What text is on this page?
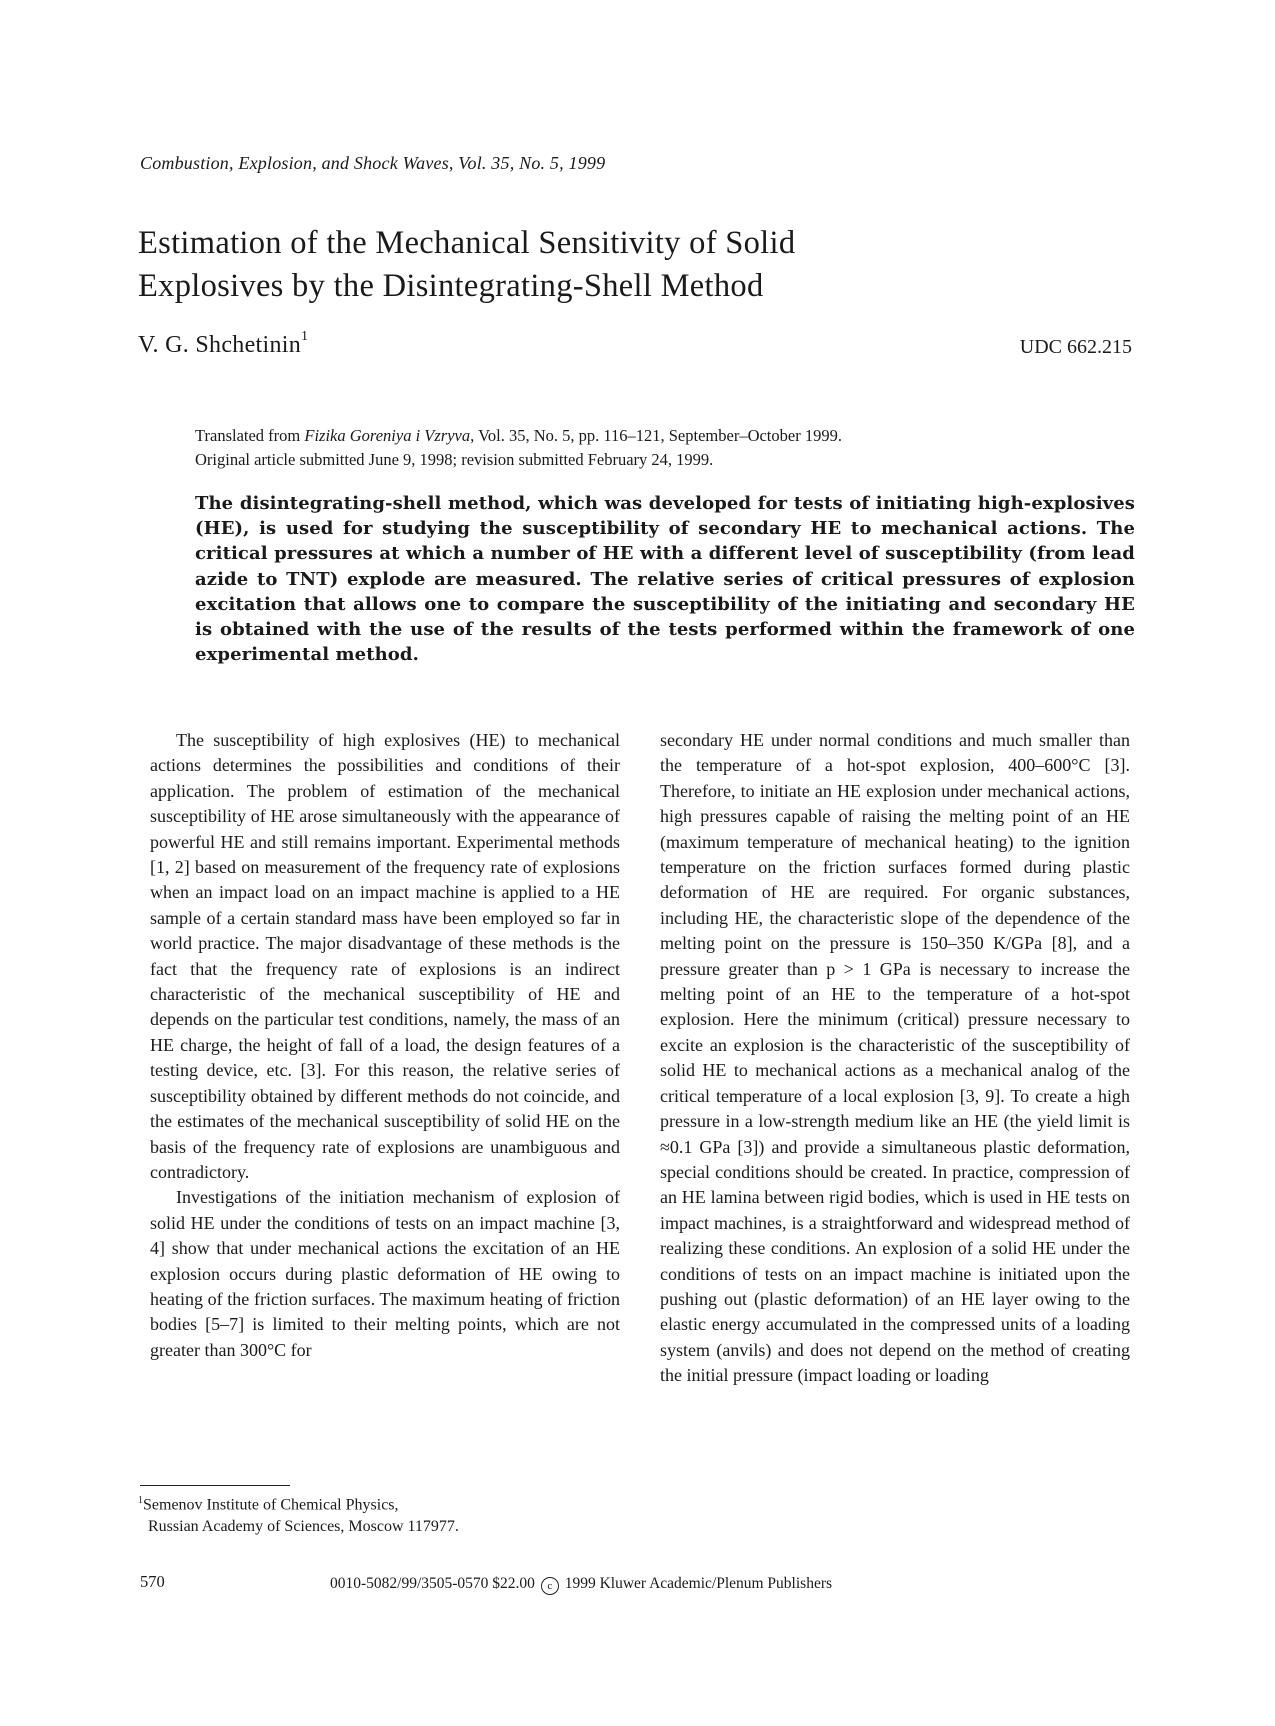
Combustion, Explosion, and Shock Waves, Vol. 35, No. 5, 1999
Estimation of the Mechanical Sensitivity of Solid
Explosives by the Disintegrating-Shell Method
V. G. Shchetinin$^1$	UDC 662.215
Translated from Fizika Goreniya i Vzryva, Vol. 35, No. 5, pp. 116–121, September–October 1999.
Original article submitted June 9, 1998; revision submitted February 24, 1999.
The disintegrating-shell method, which was developed for tests of initiating high-explosives (HE), is used for studying the susceptibility of secondary HE to mechanical actions. The critical pressures at which a number of HE with a different level of susceptibility (from lead azide to TNT) explode are measured. The relative series of critical pressures of explosion excitation that allows one to compare the susceptibility of the initiating and secondary HE is obtained with the use of the results of the tests performed within the framework of one experimental method.

The susceptibility of high explosives (HE) to mechanical actions determines the possibilities and conditions of their application. The problem of estimation of the mechanical susceptibility of HE arose simultaneously with the appearance of powerful HE and still remains important. Experimental methods [1, 2] based on measurement of the frequency rate of explosions when an impact load on an impact machine is applied to a HE sample of a certain standard mass have been employed so far in world practice. The major disadvantage of these methods is the fact that the frequency rate of explosions is an indirect characteristic of the mechanical susceptibility of HE and depends on the particular test conditions, namely, the mass of an HE charge, the height of fall of a load, the design features of a testing device, etc. [3]. For this reason, the relative series of susceptibility obtained by different methods do not coincide, and the estimates of the mechanical susceptibility of solid HE on the basis of the frequency rate of explosions are unambiguous and contradictory.

Investigations of the initiation mechanism of explosion of solid HE under the conditions of tests on an impact machine [3, 4] show that under mechanical actions the excitation of an HE explosion occurs during plastic deformation of HE owing to heating of the friction surfaces. The maximum heating of friction bodies [5–7] is limited to their melting points, which are not greater than 300°C for

secondary HE under normal conditions and much smaller than the temperature of a hot-spot explosion, 400–600°C [3]. Therefore, to initiate an HE explosion under mechanical actions, high pressures capable of raising the melting point of an HE (maximum temperature of mechanical heating) to the ignition temperature on the friction surfaces formed during plastic deformation of HE are required. For organic substances, including HE, the characteristic slope of the dependence of the melting point on the pressure is 150–350 K/GPa [8], and a pressure greater than p > 1 GPa is necessary to increase the melting point of an HE to the temperature of a hot-spot explosion. Here the minimum (critical) pressure necessary to excite an explosion is the characteristic of the susceptibility of solid HE to mechanical actions as a mechanical analog of the critical temperature of a local explosion [3, 9]. To create a high pressure in a low-strength medium like an HE (the yield limit is ≈0.1 GPa [3]) and provide a simultaneous plastic deformation, special conditions should be created. In practice, compression of an HE lamina between rigid bodies, which is used in HE tests on impact machines, is a straightforward and widespread method of realizing these conditions. An explosion of a solid HE under the conditions of tests on an impact machine is initiated upon the pushing out (plastic deformation) of an HE layer owing to the elastic energy accumulated in the compressed units of a loading system (anvils) and does not depend on the method of creating the initial pressure (impact loading or loading

$^1$Semenov Institute of Chemical Physics,
Russian Academy of Sciences, Moscow 117977.
570	0010-5082/99/3505-0570 $22.00 c 1999 Kluwer Academic/Plenum Publishers
